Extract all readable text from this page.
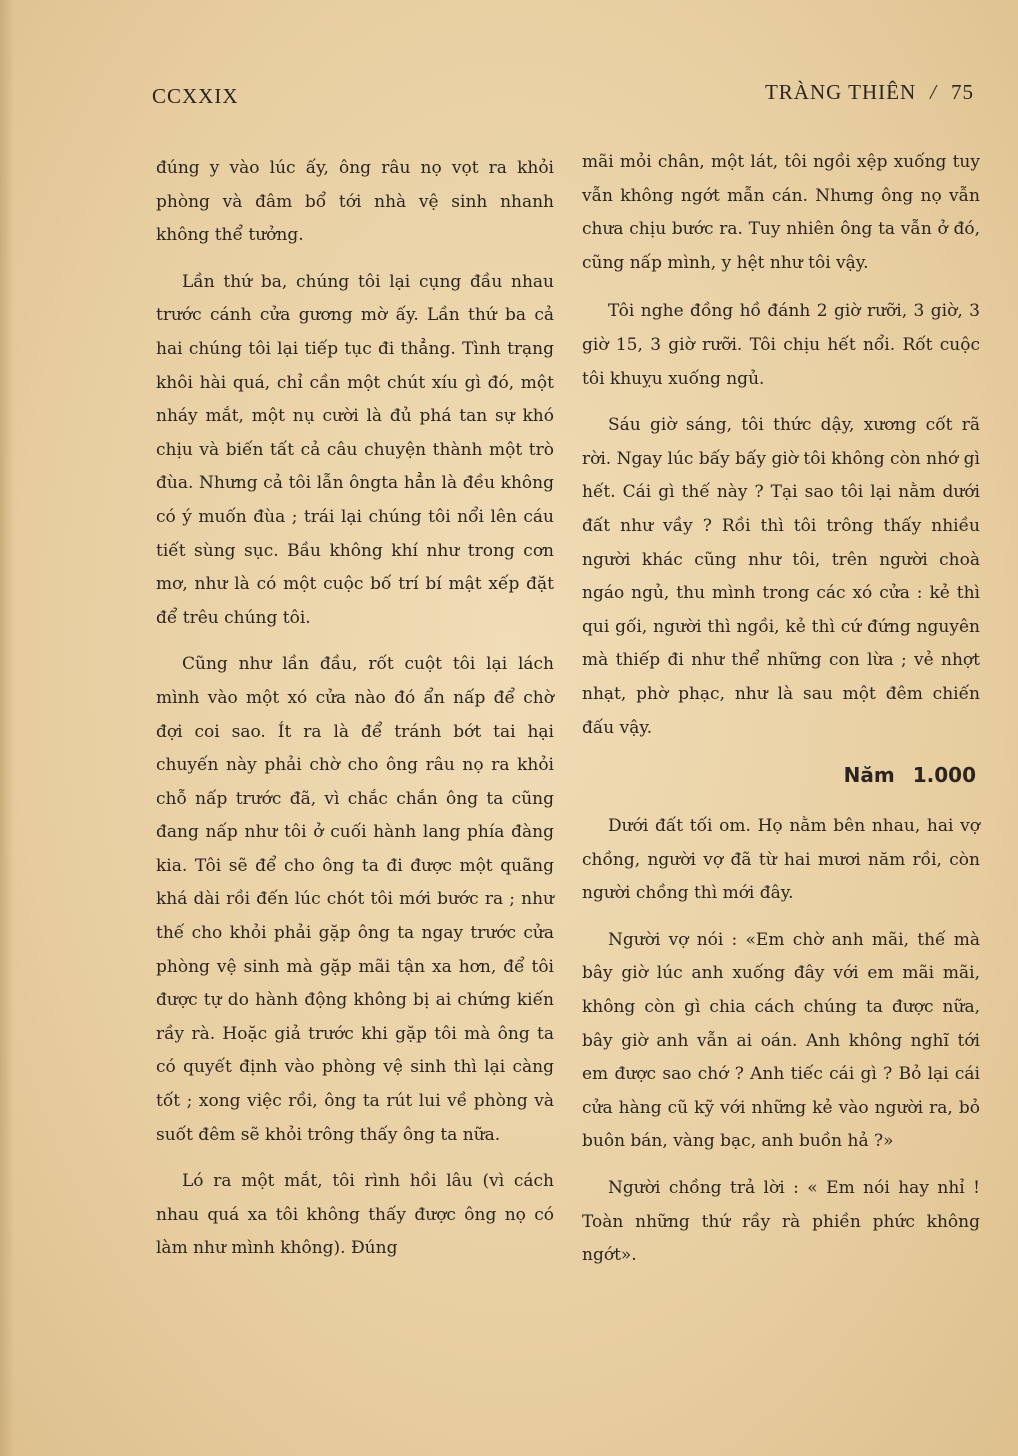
CCXXIX	TRÀNG THIÊN / 75

đúng y vào lúc ấy, ông râu nọ vọt ra khỏi phòng và đâm bổ tới nhà vệ sinh nhanh không thể tưởng.

Lần thứ ba, chúng tôi lại cụng đầu nhau trước cánh cửa gương mờ ấy. Lần thứ ba cả hai chúng tôi lại tiếp tục đi thẳng. Tình trạng khôi hài quá, chỉ cần một chút xíu gì đó, một nháy mắt, một nụ cười là đủ phá tan sự khó chịu và biến tất cả câu chuyện thành một trò đùa. Nhưng cả tôi lẫn ôngta hẳn là đều không có ý muốn đùa ; trái lại chúng tôi nổi lên cáu tiết sùng sục. Bầu không khí như trong cơn mơ, như là có một cuộc bố trí bí mật xếp đặt để trêu chúng tôi.

Cũng như lần đầu, rốt cuột tôi lại lách mình vào một xó cửa nào đó ẩn nấp để chờ đợi coi sao. Ít ra là để tránh bớt tai hại chuyến này phải chờ cho ông râu nọ ra khỏi chỗ nấp trước đã, vì chắc chắn ông ta cũng đang nấp như tôi ở cuối hành lang phía đàng kia. Tôi sẽ để cho ông ta đi được một quãng khá dài rồi đến lúc chót tôi mới bước ra ; như thế cho khỏi phải gặp ông ta ngay trước cửa phòng vệ sinh mà gặp mãi tận xa hơn, để tôi được tự do hành động không bị ai chứng kiến rầy rà. Hoặc giả trước khi gặp tôi mà ông ta có quyết định vào phòng vệ sinh thì lại càng tốt ; xong việc rồi, ông ta rút lui về phòng và suốt đêm sẽ khỏi trông thấy ông ta nữa.

Ló ra một mắt, tôi rình hồi lâu (vì cách nhau quá xa tôi không thấy được ông nọ có làm như mình không). Đúng

mãi mỏi chân, một lát, tôi ngồi xệp xuống tuy vẫn không ngớt mẫn cán. Nhưng ông nọ vẫn chưa chịu bước ra. Tuy nhiên ông ta vẫn ở đó, cũng nấp mình, y hệt như tôi vậy.

Tôi nghe đồng hồ đánh 2 giờ rưỡi, 3 giờ, 3 giờ 15, 3 giờ rưỡi. Tôi chịu hết nổi. Rốt cuộc tôi khuỵu xuống ngủ.

Sáu giờ sáng, tôi thức dậy, xương cốt rã rời. Ngay lúc bấy bấy giờ tôi không còn nhớ gì hết. Cái gì thế này ? Tại sao tôi lại nằm dưới đất như vầy ? Rồi thì tôi trông thấy nhiều người khác cũng như tôi, trên người choà ngáo ngủ, thu mình trong các xó cửa : kẻ thì qui gối, người thì ngồi, kẻ thì cứ đứng nguyên mà thiếp đi như thể những con lừa ; vẻ nhợt nhạt, phờ phạc, như là sau một đêm chiến đấu vậy.

Năm 1.000

Dưới đất tối om. Họ nằm bên nhau, hai vợ chồng, người vợ đã từ hai mươi năm rồi, còn người chồng thì mới đây.

Người vợ nói : «Em chờ anh mãi, thế mà bây giờ lúc anh xuống đây với em mãi mãi, không còn gì chia cách chúng ta được nữa, bây giờ anh vẫn ai oán. Anh không nghĩ tới em được sao chớ ? Anh tiếc cái gì ? Bỏ lại cái cửa hàng cũ kỹ với những kẻ vào người ra, bỏ buôn bán, vàng bạc, anh buồn hả ?»

Người chồng trả lời : « Em nói hay nhỉ ! Toàn những thứ rầy rà phiền phức không ngớt».
